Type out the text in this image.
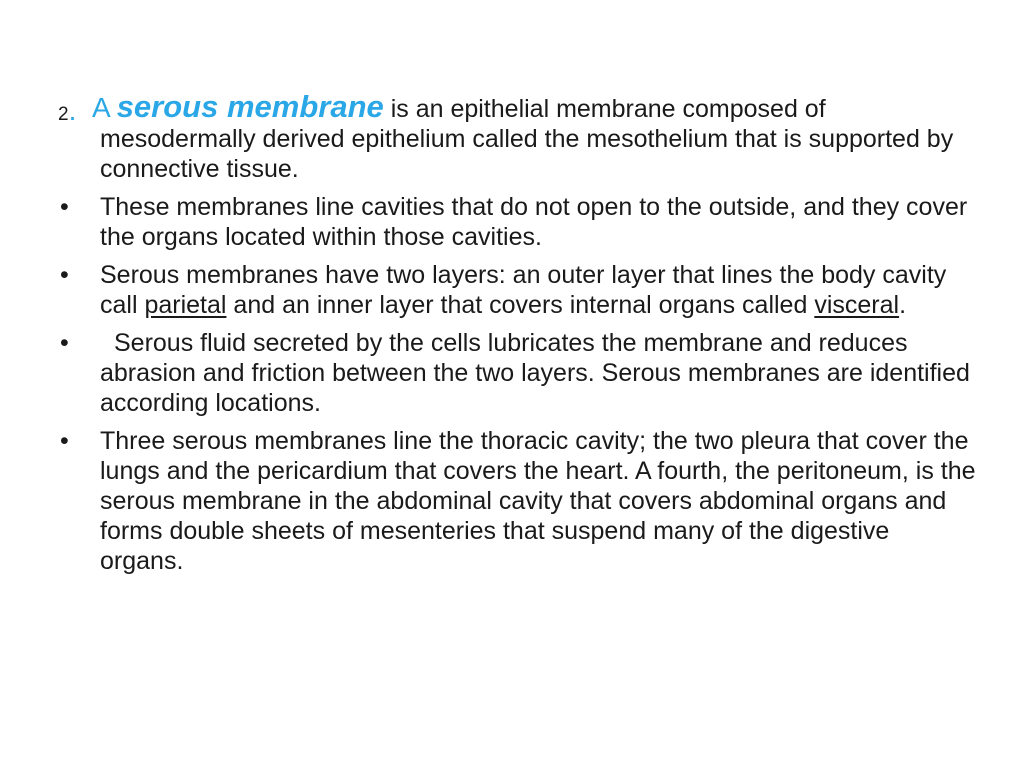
2. A serous membrane is an epithelial membrane composed of mesodermally derived epithelium called the mesothelium that is supported by connective tissue.
• These membranes line cavities that do not open to the outside, and they cover the organs located within those cavities.
• Serous membranes have two layers: an outer layer that lines the body cavity call parietal and an inner layer that covers internal organs called visceral.
• Serous fluid secreted by the cells lubricates the membrane and reduces abrasion and friction between the two layers. Serous membranes are identified according locations.
• Three serous membranes line the thoracic cavity; the two pleura that cover the lungs and the pericardium that covers the heart. A fourth, the peritoneum, is the serous membrane in the abdominal cavity that covers abdominal organs and forms double sheets of mesenteries that suspend many of the digestive organs.
